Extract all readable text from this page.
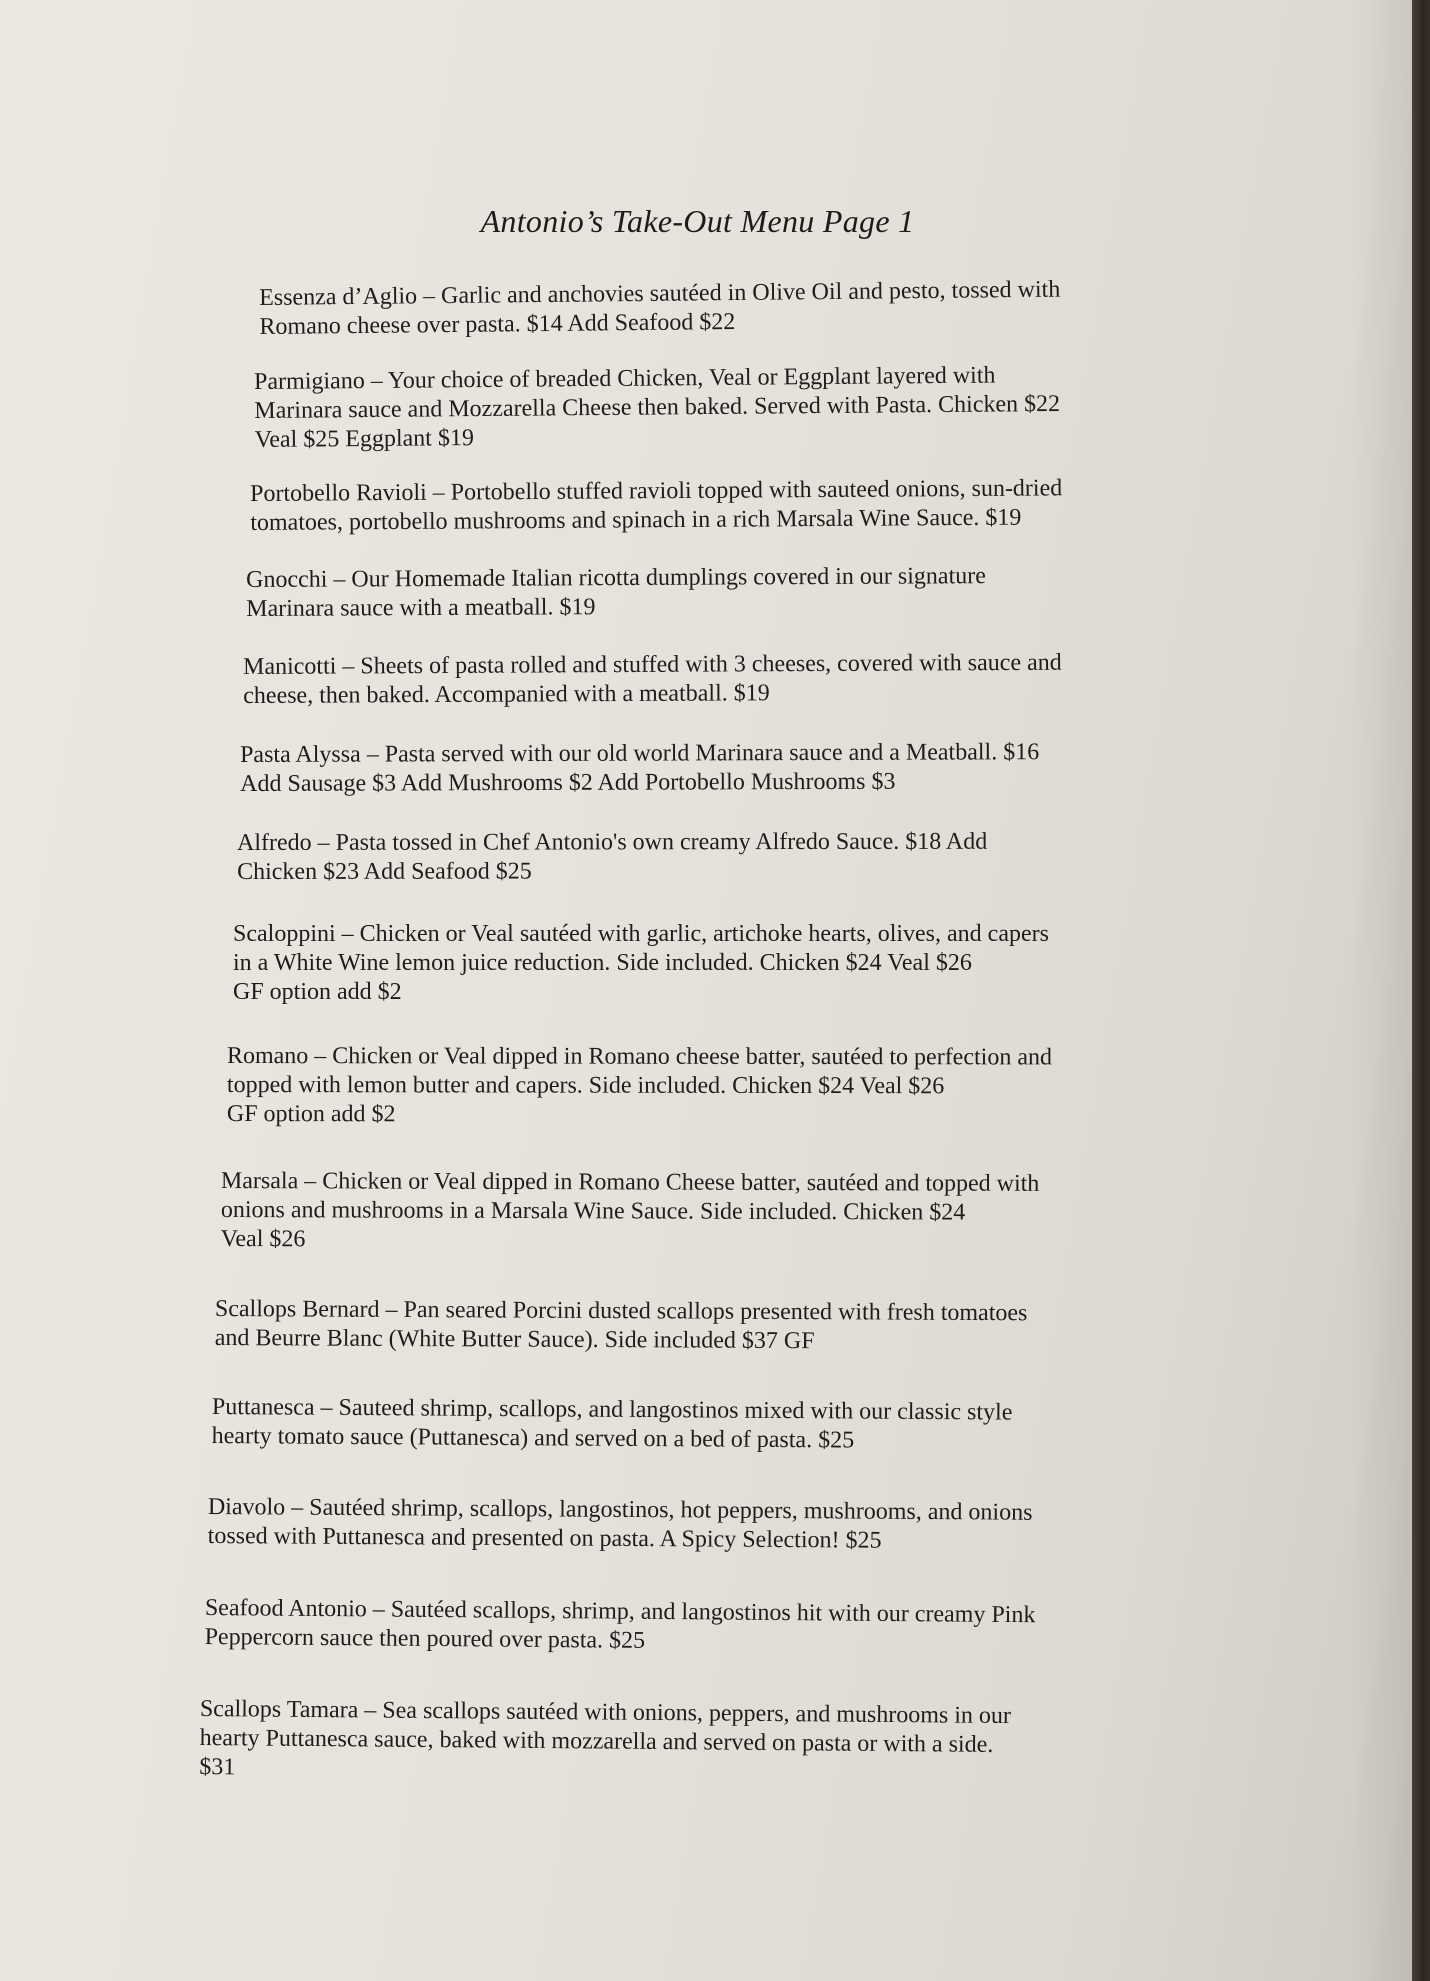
Antonio’s Take-Out Menu Page 1
Essenza d’Aglio – Garlic and anchovies sautéed in Olive Oil and pesto, tossed with
Romano cheese over pasta. $14 Add Seafood $22
Parmigiano – Your choice of breaded Chicken, Veal or Eggplant layered with
Marinara sauce and Mozzarella Cheese then baked. Served with Pasta. Chicken $22
Veal $25 Eggplant $19
Portobello Ravioli – Portobello stuffed ravioli topped with sauteed onions, sun-dried
tomatoes, portobello mushrooms and spinach in a rich Marsala Wine Sauce. $19
Gnocchi – Our Homemade Italian ricotta dumplings covered in our signature
Marinara sauce with a meatball. $19
Manicotti – Sheets of pasta rolled and stuffed with 3 cheeses, covered with sauce and
cheese, then baked. Accompanied with a meatball. $19
Pasta Alyssa – Pasta served with our old world Marinara sauce and a Meatball. $16
Add Sausage $3 Add Mushrooms $2 Add Portobello Mushrooms $3
Alfredo – Pasta tossed in Chef Antonio's own creamy Alfredo Sauce. $18 Add
Chicken $23 Add Seafood $25
Scaloppini – Chicken or Veal sautéed with garlic, artichoke hearts, olives, and capers
in a White Wine lemon juice reduction. Side included. Chicken $24 Veal $26
GF option add $2
Romano – Chicken or Veal dipped in Romano cheese batter, sautéed to perfection and
topped with lemon butter and capers. Side included. Chicken $24 Veal $26
GF option add $2
Marsala – Chicken or Veal dipped in Romano Cheese batter, sautéed and topped with
onions and mushrooms in a Marsala Wine Sauce. Side included. Chicken $24
Veal $26
Scallops Bernard – Pan seared Porcini dusted scallops presented with fresh tomatoes
and Beurre Blanc (White Butter Sauce). Side included $37 GF
Puttanesca – Sauteed shrimp, scallops, and langostinos mixed with our classic style
hearty tomato sauce (Puttanesca) and served on a bed of pasta. $25
Diavolo – Sautéed shrimp, scallops, langostinos, hot peppers, mushrooms, and onions
tossed with Puttanesca and presented on pasta. A Spicy Selection! $25
Seafood Antonio – Sautéed scallops, shrimp, and langostinos hit with our creamy Pink
Peppercorn sauce then poured over pasta. $25
Scallops Tamara – Sea scallops sautéed with onions, peppers, and mushrooms in our
hearty Puttanesca sauce, baked with mozzarella and served on pasta or with a side.
$31
